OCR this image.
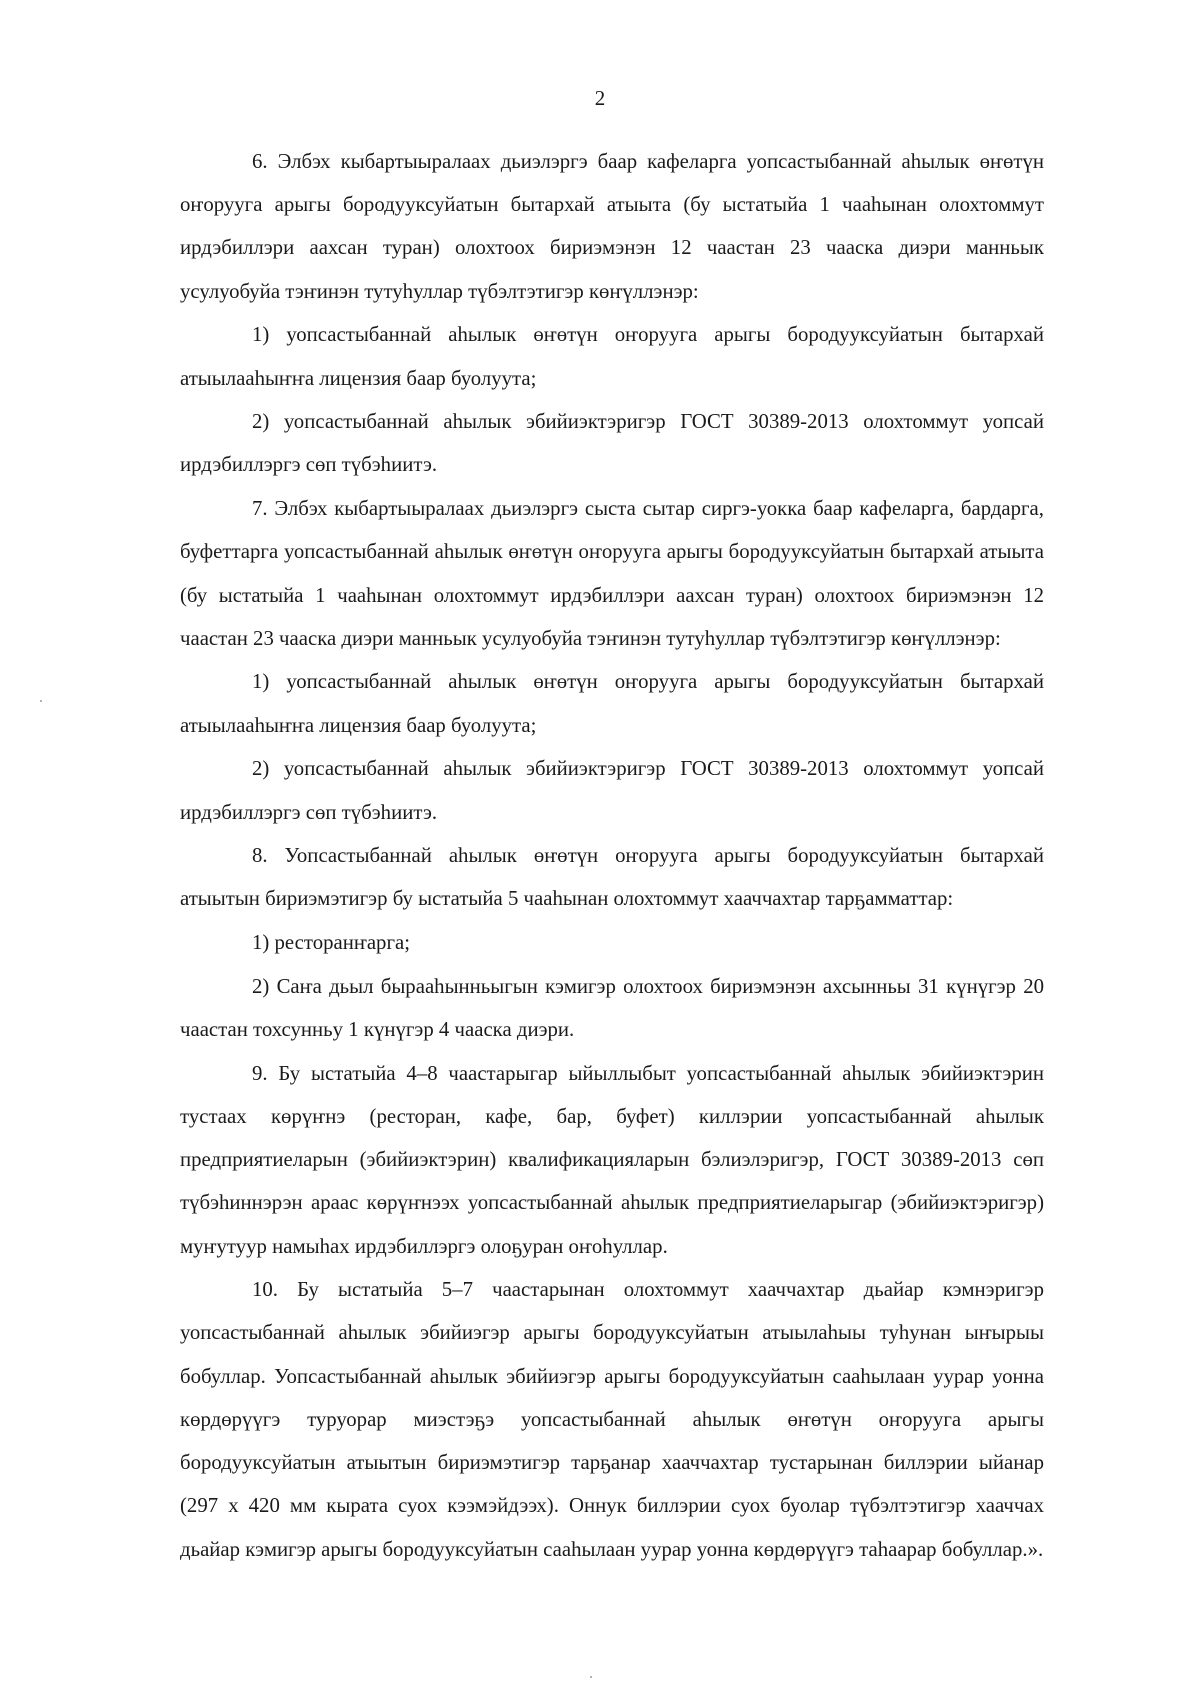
2

6. Элбэх кыбартыыралаах дьиэлэргэ баар кафеларга уопсастыбаннай аһылык өҥөтүн оҥорууга арыгы бородууксуйатын бытархай атыыта (бу ыстатыйа 1 чааһынан олохтоммут ирдэбиллэри аахсан туран) олохтоох бириэмэнэн 12 чаастан 23 чааска диэри манньык усулуобуйа тэҥинэн тутуһуллар түбэлтэтигэр көҥүллэнэр:

1) уопсастыбаннай аһылык өҥөтүн оҥорууга арыгы бородууксуйатын бытархай атыылааһыҥҥа лицензия баар буолуута;

2) уопсастыбаннай аһылык эбийиэктэригэр ГОСТ 30389-2013 олохтоммут уопсай ирдэбиллэргэ сөп түбэһиитэ.

7. Элбэх кыбартыыралаах дьиэлэргэ сыста сытар сиргэ-уокка баар кафеларга, бардарга, буфеттарга уопсастыбаннай аһылык өҥөтүн оҥорууга арыгы бородууксуйатын бытархай атыыта (бу ыстатыйа 1 чааһынан олохтоммут ирдэбиллэри аахсан туран) олохтоох бириэмэнэн 12 чаастан 23 чааска диэри манньык усулуобуйа тэҥинэн тутуһуллар түбэлтэтигэр көҥүллэнэр:

1) уопсастыбаннай аһылык өҥөтүн оҥорууга арыгы бородууксуйатын бытархай атыылааһыҥҥа лицензия баар буолуута;

2) уопсастыбаннай аһылык эбийиэктэригэр ГОСТ 30389-2013 олохтоммут уопсай ирдэбиллэргэ сөп түбэһиитэ.

8. Уопсастыбаннай аһылык өҥөтүн оҥорууга арыгы бородууксуйатын бытархай атыытын бириэмэтигэр бу ыстатыйа 5 чааһынан олохтоммут хааччахтар тарҕамматтар:

1) ресторанҥарга;

2) Саҥа дьыл бырааһынньыгын кэмигэр олохтоох бириэмэнэн ахсынньы 31 күнүгэр 20 чаастан тохсунньу 1 күнүгэр 4 чааска диэри.

9. Бу ыстатыйа 4–8 чаастарыгар ыйыллыбыт уопсастыбаннай аһылык эбийиэктэрин тустаах көрүҥнэ (ресторан, кафе, бар, буфет) киллэрии уопсастыбаннай аһылык предприятиеларын (эбийиэктэрин) квалификацияларын бэлиэлэригэр, ГОСТ 30389-2013 сөп түбэһиннэрэн араас көрүҥнээх уопсастыбаннай аһылык предприятиеларыгар (эбийиэктэригэр) муҥутуур намыһах ирдэбиллэргэ олоҕуран оҥоһуллар.

10. Бу ыстатыйа 5–7 чаастарынан олохтоммут хааччахтар дьайар кэмнэригэр уопсастыбаннай аһылык эбийиэгэр арыгы бородууксуйатын атыылаһыы туһунан ыҥырыы бобуллар. Уопсастыбаннай аһылык эбийиэгэр арыгы бородууксуйатын сааһылаан уурар уонна көрдөрүүгэ туруорар миэстэҕэ уопсастыбаннай аһылык өҥөтүн оҥорууга арыгы бородууксуйатын атыытын бириэмэтигэр тарҕанар хааччахтар тустарынан биллэрии ыйанар (297 x 420 мм кырата суох кээмэйдээх). Оннук биллэрии суох буолар түбэлтэтигэр хааччах дьайар кэмигэр арыгы бородууксуйатын сааһылаан уурар уонна көрдөрүүгэ таһаарар бобуллар.».
